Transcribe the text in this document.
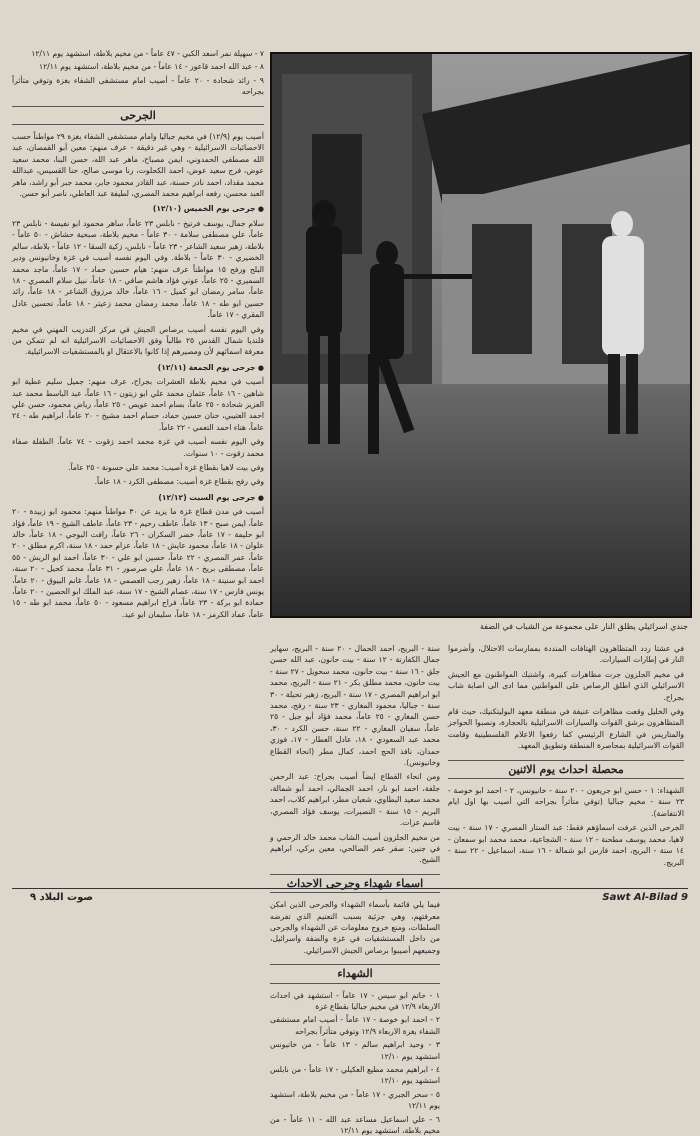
٧ - سهيلة نمر اسعد الكبي - ٤٧ عاماً - من مخيم بلاطة، استشهد يوم ١٢/١١

٨ - عبد الله احمد قاعور - ١٤ عاماً - من مخيم بلاطة، استشهد يوم ١٢/١١

٩ - رائد شحادة - ٢٠ عاماً - أصيب امام مستشفى الشفاء بغزة وتوفي متأثراً بجراحه

الجرحى

أصيب يوم (١٢/٩) في مخيم جباليا وامام مستشفى الشفاء بغزة ٢٩ مواطناً حسب الاحصائيات الاسرائيلية - وهي غير دقيقة - عرف منهم: معين أبو القمصان، عبد الله مصطفى الحمدوني، ايمن مصباح، ماهر عبد الله، حسن البنا، محمد سعيد عوض، فرج سعيد عوض، احمد الكحلوت، رنا موسى صالح، حنا القسيس، عبدالله محمد مقداد، احمد نادر حسنة، عبد القادر محمود جابر، محمد جبر أبو راشد، ماهر العبد محسن، رفعه ابراهيم محمد المصري، لطيفة عبد العاطي، ناصر أبو حسن.

● جرحى يوم الخميس (١٢/١٠)

سلام جمال، يوسف فرتيخ - نابلس ٢٣ عاماً، ساهر محمود ابو نفيسة - نابلس ٢٣ عاماً، علي مصطفى سلامة - ٣٠ عاماً - مخيم بلاطة، صبحية حشاش - ٥٠ عاماً - بلاطة، زهير سعيد الشاعر - ٢٣ عاماً - نابلس، زكية السقا - ١٢ عاماً - بلاطة، سالم الخضيري - ٣٠ عاماً - بلاطة. وفي اليوم نفسه أصيب في غزة وخانيونس ودير البلح ورفح ١٥ مواطناً عرف منهم: هيام حسين حماد - ١٧ عاماً، ماجد محمد السميري - ٢٥ عاماً، عوني فؤاد هاشم صافي - ١٨ عاماً، نبيل سلام المصري - ١٨ عاماً، سامر رمضان ابو كميل - ١٦ عاماً، خالد مرزوق الشاعر - ١٨ عاماً، رائد حسين ابو طه - ١٨ عاماً، محمد رمضان محمد زعيتر - ١٨ عاماً، تحسين عادل المقري - ١٧ عاماً.

وفي اليوم نفسه أصيب برصاص الجيش في مركز التدريب المهني في مخيم قلنديا شمال القدس ٢٥ طالباً وفق الاحصائيات الاسرائيلية انه لم تتمكن من معرفة اسمائهم لأن ومصيرهم إذا كانوا بالاعتقال او بالمستشفيات الاسرائيلية.

● جرحى يوم الجمعة (١٢/١١)

أصيب في مخيم بلاطة العشرات بجراح، عرف منهم: جميل سليم عطية ابو شاهين - ١٦ عاماً، عثمان محمد علي ابو زيتون - ١٦ عاماً، عبد الباسط محمد عبد العزيز شحادة - ٢٥ عاماً، بسام احمد عويص - ٢٥ عاماً، رياض محمود، حسن علي احمد العتيبي، حنان حسين حماد، حسام احمد مشيخ - ٢٠ عاماً، ابراهيم طه - ٢٤ عاماً، هناء احمد التعمي - ٢٢ عاماً.

وفي اليوم نفسه أصيب في غزة محمد احمد زقوت - ٧٤ عاماً. الطفلة صفاء محمد زقوت - ١٠ سنوات.

وفي بيت لاهيا بقطاع غزة أصيب: محمد علي حسونة - ٢٥ عاماً.

وفي رفح بقطاع غزة أصيب: مصطفى الكرد - ١٨ عاماً.

● جرحى يوم السبت (١٢/١٢)

أصيب في مدن قطاع غزة ما يزيد عن ٣٠ مواطناً منهم: محمود ابو زبيدة - ٢٠ عاماً، ايمن صبح - ١٣ عاماً، عاطف رحيم - ٢٣ عاماً، عاطف الشيخ - ١٩ عاماً، فؤاد ابو حليمة - ١٧ عاماً، خضر السكران - ٢٦ عاماً، رافت البوجي - ١٨ عاماً، خالد علوان - ١٨ عاماً، محمود عايش - ١٨ عاماً، عزام حمد - ١٨ سنة، اكرم مطلق - ٢٠ عاماً، عمر المصري - ٢٢ عاماً، حسين ابو علي - ٣٠ عاماً، احمد ابو الريش - ٥٥ عاماً، مصطفى بريخ - ١٨ عاماً، علي صرصور - ٣١ عاماً، محمد كحيل - ٢٠ سنة، احمد ابو سنينة - ١٨ عاماً، زهير رجب العصمي - ١٨ عاماً، غانم البيوق - ٢٠ عاماً، يونس فارس - ١٧ سنة، عصام الشيخ - ١٧ سنة، عبد الملك ابو الحصين - ٢٠ عاماً، حمادة ابو بركة - ٢٣ عاماً، فراج ابراهيم مسعود - ٥٠ عاماً، محمد ابو طه - ١٥ عاماً، عماد الكرمز - ١٨ عاماً، سليمان ابو عيد.

جندي اسرائيلي يطلق النار على مجموعة من الشباب في الضفة

سنة - البريج، احمد الحمال - ٢٠ سنة - البريج، سهاير جمال الكفارنة - ١٢ سنة - بيت حانون، عبد الله حسن جلق - ١٦ سنة - بيت حانون، محمد سحويل - ٢٧ سنة - بيت حانون، محمد مطلق بكر - ٢١ سنة - البريج، محمد ابو ابراهيم المصري - ١٧ سنة - البريج، زهير تحيلة - ٣٠ سنة - جباليا، محمود المغاري - ٢٣ سنة - رفح، محمد حسن المغاري - ٢٥ عاماً، محمد فؤاد أبو جبل - ٢٥ عاماً، سفيان المغاري - ٢٢ سنة، حسن الكرد - ٣٠، محمد عبد السعودي - ١٨، عادل العطار - ١٧، فوزي حمدان، نافذ الحج احمد، كمال مطر (انحاء القطاع وخانيونس).

ومن انحاء القطاع ايضاً أصيب بجراح: عبد الرحمن جلفة، احمد ابو نار، احمد الجمالي، احمد أبو شمالة، محمد سعيد البطاوي، شعبان مطر، ابراهيم كلاب، احمد البريم - ١٥ سنة - النصيرات، يوسف فؤاد المصري، قاسم عزات.

من مخيم الجلزون أصيب الشاب محمد خالد الرحمي و في جنين: صقر عمر الصالحي، معين بركي، ابراهيم الشيخ.

اسماء شهداء وجرحى الاحداث

فيما يلي قائمة بأسماء الشهداء والجرحى الذين امكن معرفتهم، وهي جزئية بسبب التعتيم الذي تفرضه السلطات، ومنع خروج معلومات عن الشهداء والجرحى من داخل المستشفيات في غزة والضفة واسرائيل، وجميعهم أصيبوا برصاص الجيش الاسرائيلي.

الشهداء

١ - حاتم ابو سيس - ١٧ عاماً - استشهد في احداث الاربعاء ١٢/٩ في مخيم جباليا بقطاع غزة

٢ - احمد ابو خوصة - ١٧ عاماً - أصيب امام مستشفى الشفاء بغزة الاربعاء ١٢/٩ وتوفي متأثراً بجراحه

٣ - وحيد ابراهيم سالم - ١٣ عاماً - من خانيونس استشهد يوم ١٢/١٠

٤ - ابراهيم محمد مطيع العكيلي - ١٧ عاماً - من نابلس استشهد يوم ١٢/١٠

٥ - سحر الجبري - ١٧ عاماً - من مخيم بلاطة، استشهد يوم ١٢/١١

٦ - علي اسماعيل مساعد عبد الله - ١١ عاماً - من مخيم بلاطة، استشهد يوم ١٢/١١

في عشتا ردد المتظاهرون الهتافات المنددة بممارسات الاحتلال، وأضرموا النار في إطارات السيارات.

في مخيم الجلزون جرت مظاهرات كبيرة، واشتبك المواطنون مع الجيش الاسرائيلي الذي اطلق الرصاص على المواطنين مما ادى الى اصابة شاب بجراح.

وفي الخليل وقعت مظاهرات عنيفة في منطقة معهد البوليتكنيك، حيث قام المتظاهرون برشق القوات والسيارات الاسرائيلية بالحجارة، ونصبوا الحواجز والمتاريس في الشارع الرئيسي كما رفعوا الاعلام الفلسطينية وقامت القوات الاسرائيلية بمحاصرة المنطقة وتطويق المعهد.

محصلة احداث يوم الاثنين

الشهداء: ١ - حسن ابو جريعون - ٢٠ سنة - خانيونس، ٢ - احمد ابو خوصة - ٢٣ سنة - مخيم جباليا (توفي متأثراً بجراحه التي أصيب بها اول ايام الانتفاضة).

الجرحى الذين عرفت اسماؤهم فقط: عبد الستار المصري - ١٧ سنة - بيت لاهيا، محمد يوسف مطحنة - ١٢ سنة - الشجاعية، محمد محمد ابو سمعان - ١٤ سنة - البريج، احمد فارس ابو شمالة - ١٦ سنة، اسماعيل - ٢٢ سنة - البريج.

صوت البلاد ٩	Sawt Al-Bilad 9
